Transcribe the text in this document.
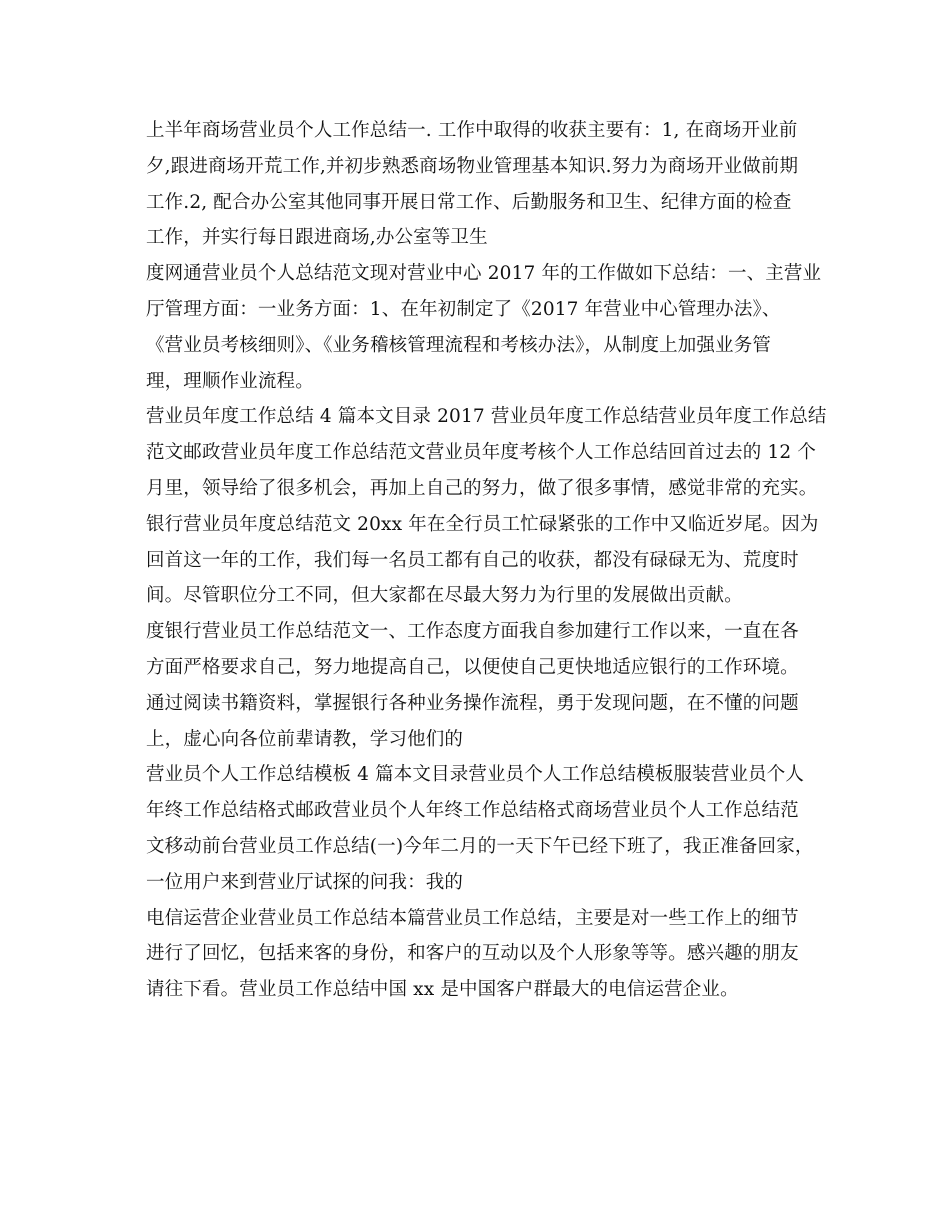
上半年商场营业员个人工作总结一. 工作中取得的收获主要有：1, 在商场开业前
夕,跟进商场开荒工作,并初步熟悉商场物业管理基本知识.努力为商场开业做前期
工作.2, 配合办公室其他同事开展日常工作、后勤服务和卫生、纪律方面的检查
工作，并实行每日跟进商场,办公室等卫生
度网通营业员个人总结范文现对营业中心 2017 年的工作做如下总结：一、主营业
厅管理方面：一业务方面：1、在年初制定了《2017 年营业中心管理办法》、
《营业员考核细则》、《业务稽核管理流程和考核办法》，从制度上加强业务管
理，理顺作业流程。
营业员年度工作总结 4 篇本文目录 2017 营业员年度工作总结营业员年度工作总结
范文邮政营业员年度工作总结范文营业员年度考核个人工作总结回首过去的 12 个
月里，领导给了很多机会，再加上自己的努力，做了很多事情，感觉非常的充实。
银行营业员年度总结范文 20xx 年在全行员工忙碌紧张的工作中又临近岁尾。因为
回首这一年的工作，我们每一名员工都有自己的收获，都没有碌碌无为、荒度时
间。尽管职位分工不同，但大家都在尽最大努力为行里的发展做出贡献。
度银行营业员工作总结范文一、工作态度方面我自参加建行工作以来，一直在各
方面严格要求自己，努力地提高自己，以便使自己更快地适应银行的工作环境。
通过阅读书籍资料，掌握银行各种业务操作流程，勇于发现问题，在不懂的问题
上，虚心向各位前辈请教，学习他们的
营业员个人工作总结模板 4 篇本文目录营业员个人工作总结模板服装营业员个人
年终工作总结格式邮政营业员个人年终工作总结格式商场营业员个人工作总结范
文移动前台营业员工作总结(一)今年二月的一天下午已经下班了，我正准备回家，
一位用户来到营业厅试探的问我：我的
电信运营企业营业员工作总结本篇营业员工作总结，主要是对一些工作上的细节
进行了回忆，包括来客的身份，和客户的互动以及个人形象等等。感兴趣的朋友
请往下看。营业员工作总结中国 xx 是中国客户群最大的电信运营企业。
